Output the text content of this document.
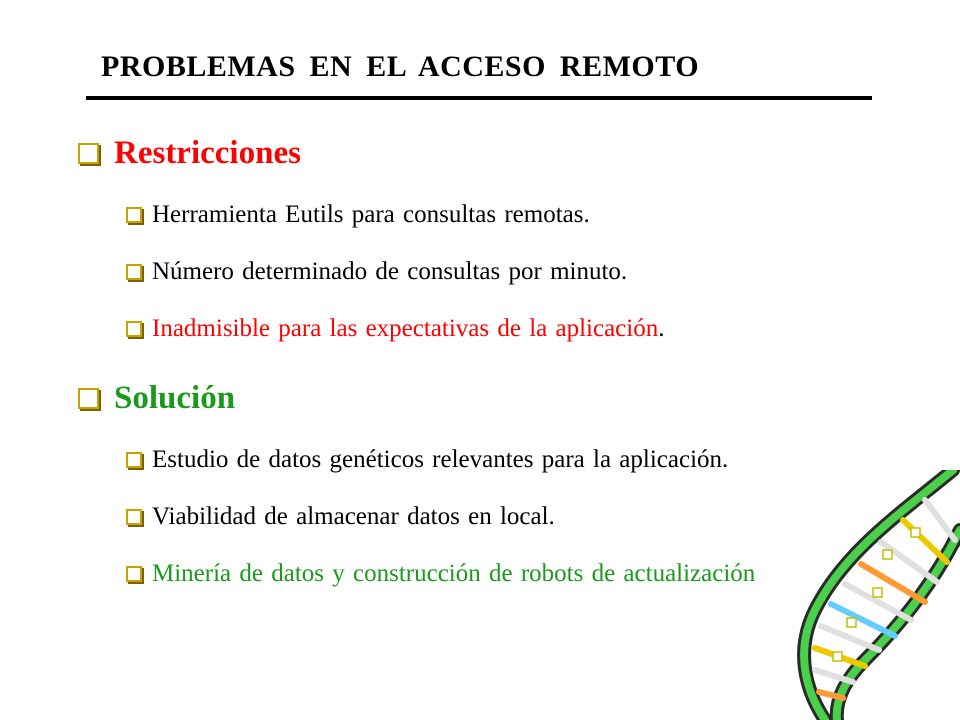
PROBLEMAS EN EL ACCESO REMOTO
Restricciones
Herramienta Eutils para consultas remotas.
Número determinado de consultas por minuto.
Inadmisible para las expectativas de la aplicación.
Solución
Estudio de datos genéticos relevantes para la aplicación.
Viabilidad de almacenar datos en local.
Minería de datos y construcción de robots de actualización
